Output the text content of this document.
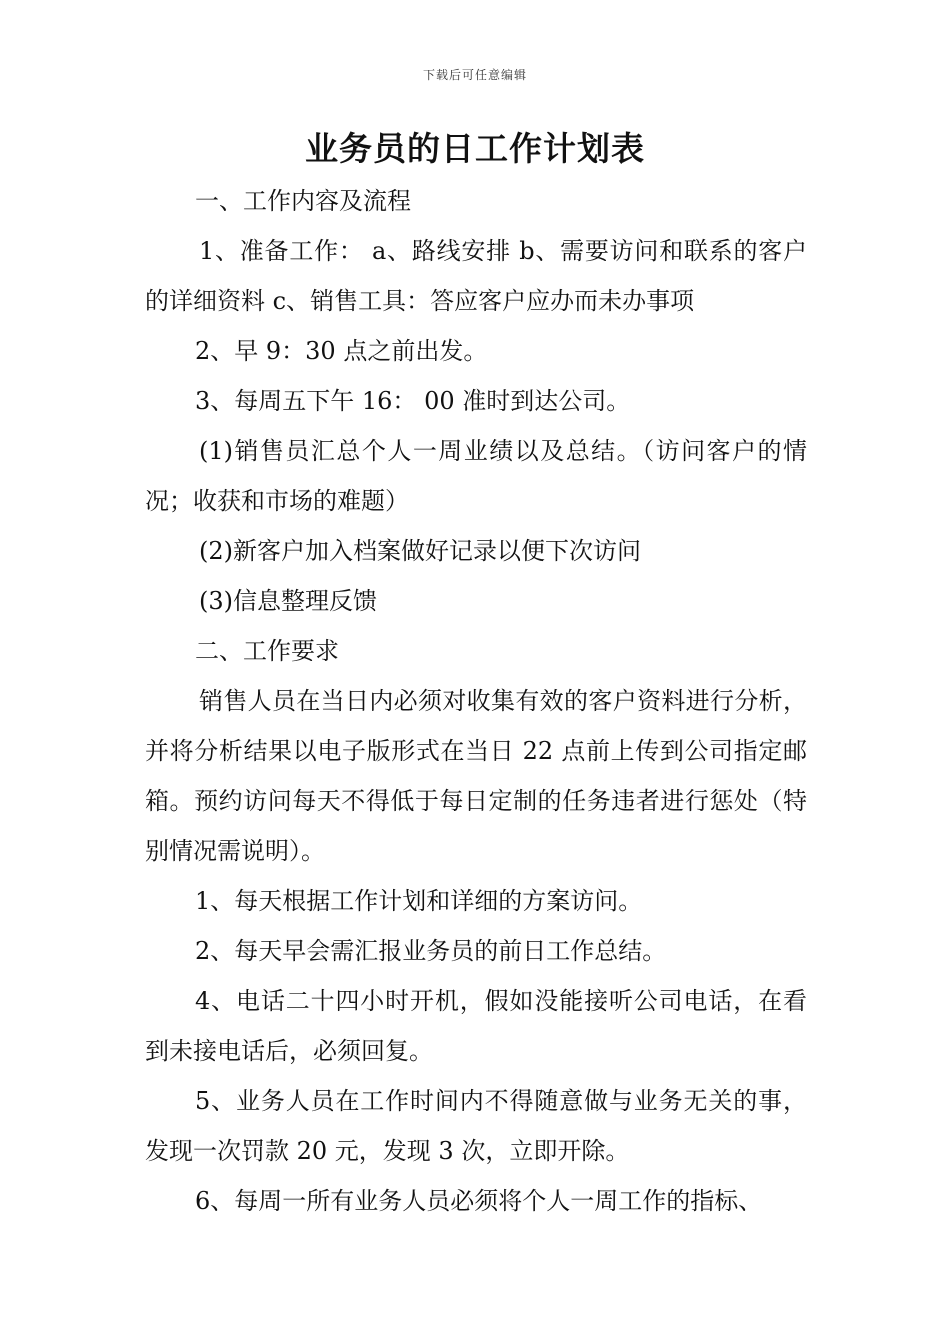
下载后可任意编辑
业务员的日工作计划表

一、工作内容及流程

1、准备工作： a、路线安排 b、需要访问和联系的客户的详细资料 c、销售工具：答应客户应办而未办事项

2、早 9：30 点之前出发。

3、每周五下午 16： 00 准时到达公司。

(1)销售员汇总个人一周业绩以及总结。（访问客户的情况；收获和市场的难题）

(2)新客户加入档案做好记录以便下次访问

(3)信息整理反馈

二、工作要求

销售人员在当日内必须对收集有效的客户资料进行分析，并将分析结果以电子版形式在当日 22 点前上传到公司指定邮箱。预约访问每天不得低于每日定制的任务违者进行惩处（特别情况需说明）。

1、每天根据工作计划和详细的方案访问。

2、每天早会需汇报业务员的前日工作总结。

4、电话二十四小时开机，假如没能接听公司电话，在看到未接电话后，必须回复。

5、业务人员在工作时间内不得随意做与业务无关的事，发现一次罚款 20 元，发现 3 次，立即开除。

6、每周一所有业务人员必须将个人一周工作的指标、
